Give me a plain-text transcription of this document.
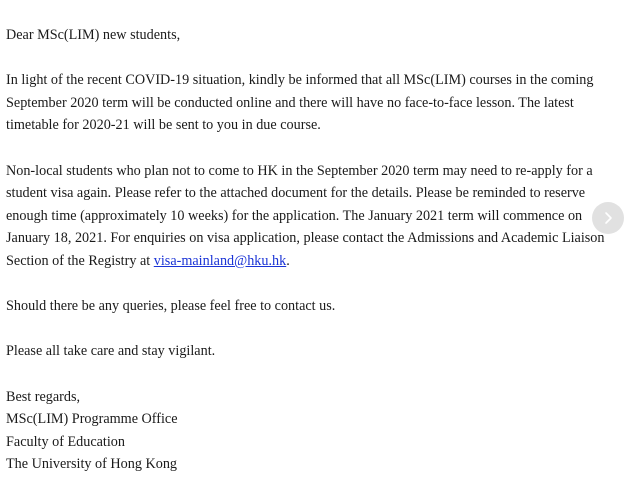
Dear MSc(LIM) new students,
In light of the recent COVID-19 situation, kindly be informed that all MSc(LIM) courses in the coming
September 2020 term will be conducted online and there will have no face-to-face lesson. The latest
timetable for 2020-21 will be sent to you in due course.
Non-local students who plan not to come to HK in the September 2020 term may need to re-apply for a
student visa again. Please refer to the attached document for the details. Please be reminded to reserve
enough time (approximately 10 weeks) for the application. The January 2021 term will commence on
January 18, 2021. For enquiries on visa application, please contact the Admissions and Academic Liaison
Section of the Registry at visa-mainland@hku.hk.
Should there be any queries, please feel free to contact us.
Please all take care and stay vigilant.
Best regards,
MSc(LIM) Programme Office
Faculty of Education
The University of Hong Kong
